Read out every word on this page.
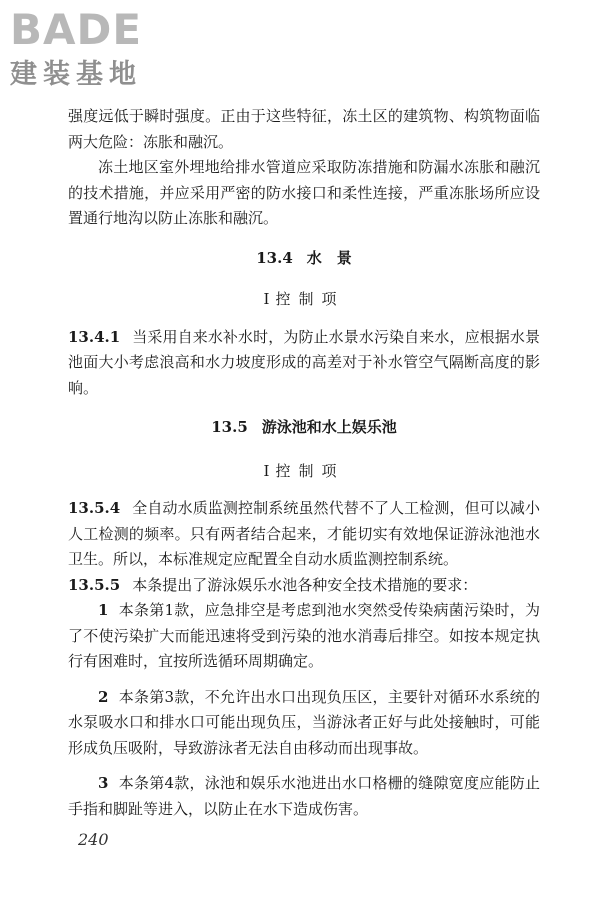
BADE
建装基地

强度远低于瞬时强度。正由于这些特征，冻土区的建筑物、构筑物面临两大危险：冻胀和融沉。

冻土地区室外埋地给排水管道应采取防冻措施和防漏水冻胀和融沉的技术措施，并应采用严密的防水接口和柔性连接，严重冻胀场所应设置通行地沟以防止冻胀和融沉。

13.4 水　景

Ⅰ 控制项

13.4.1 当采用自来水补水时，为防止水景水污染自来水，应根据水景池面大小考虑浪高和水力坡度形成的高差对于补水管空气隔断高度的影响。

13.5 游泳池和水上娱乐池

Ⅰ 控制项

13.5.4 全自动水质监测控制系统虽然代替不了人工检测，但可以减小人工检测的频率。只有两者结合起来，才能切实有效地保证游泳池池水卫生。所以，本标准规定应配置全自动水质监测控制系统。

13.5.5 本条提出了游泳娱乐水池各种安全技术措施的要求：

1 本条第1款，应急排空是考虑到池水突然受传染病菌污染时，为了不使污染扩大而能迅速将受到污染的池水消毒后排空。如按本规定执行有困难时，宜按所选循环周期确定。

2 本条第3款，不允许出水口出现负压区，主要针对循环水系统的水泵吸水口和排水口可能出现负压，当游泳者正好与此处接触时，可能形成负压吸附，导致游泳者无法自由移动而出现事故。

3 本条第4款，泳池和娱乐水池进出水口格栅的缝隙宽度应能防止手指和脚趾等进入，以防止在水下造成伤害。

240
